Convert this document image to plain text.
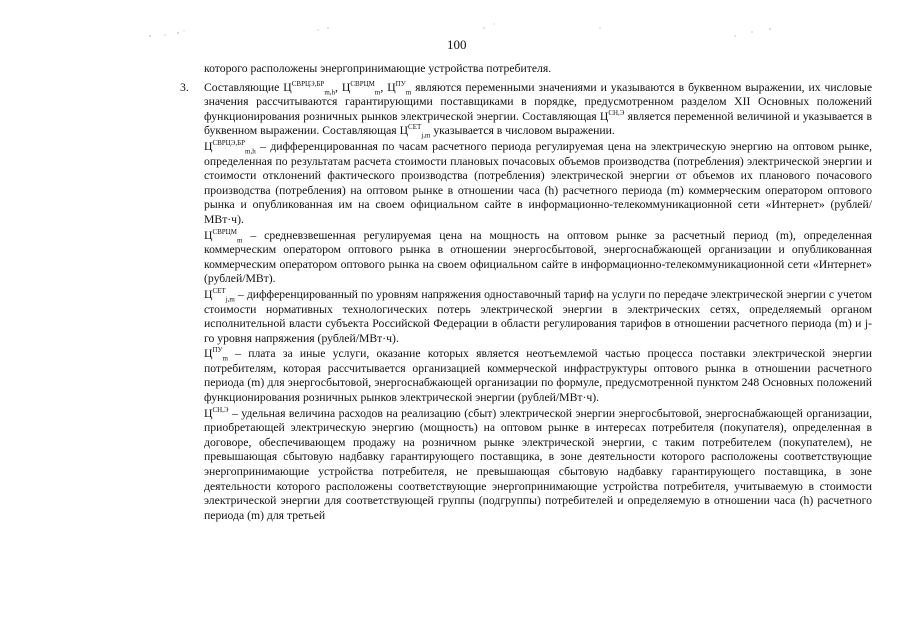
100

которого расположены энергопринимающие устройства потребителя.

3. Составляющие $Ц^{СВРЦЭ,БР}_{m,h}$, $Ц^{СВРЦМ}_m$, $Ц^{ПУ}_m$ являются переменными значениями и указываются в буквенном выражении, их числовые значения рассчитываются гарантирующими поставщиками в порядке, предусмотренном разделом XII Основных положений функционирования розничных рынков электрической энергии. Составляющая $Ц^{СН,Э}$ является переменной величиной и указывается в буквенном выражении. Составляющая $Ц^{СЕТ}_{j,m}$ указывается в числовом выражении.

$Ц^{СВРЦЭ,БР}_{m,h}$ – дифференцированная по часам расчетного периода регулируемая цена на электрическую энергию на оптовом рынке, определенная по результатам расчета стоимости плановых почасовых объемов производства (потребления) электрической энергии и стоимости отклонений фактического производства (потребления) электрической энергии от объемов их планового почасового производства (потребления) на оптовом рынке в отношении часа (h) расчетного периода (m) коммерческим оператором оптового рынка и опубликованная им на своем официальном сайте в информационно-телекоммуникационной сети «Интернет» (рублей/МВт·ч).

$Ц^{СВРЦМ}_m$ – средневзвешенная регулируемая цена на мощность на оптовом рынке за расчетный период (m), определенная коммерческим оператором оптового рынка в отношении энергосбытовой, энергоснабжающей организации и опубликованная коммерческим оператором оптового рынка на своем официальном сайте в информационно-телекоммуникационной сети «Интернет» (рублей/МВт).

$Ц^{СЕТ}_{j,m}$ – дифференцированный по уровням напряжения одноставочный тариф на услуги по передаче электрической энергии с учетом стоимости нормативных технологических потерь электрической энергии в электрических сетях, определяемый органом исполнительной власти субъекта Российской Федерации в области регулирования тарифов в отношении расчетного периода (m) и j-го уровня напряжения (рублей/МВт·ч).

$Ц^{ПУ}_m$ – плата за иные услуги, оказание которых является неотъемлемой частью процесса поставки электрической энергии потребителям, которая рассчитывается организацией коммерческой инфраструктуры оптового рынка в отношении расчетного периода (m) для энергосбытовой, энергоснабжающей организации по формуле, предусмотренной пунктом 248 Основных положений функционирования розничных рынков электрической энергии (рублей/МВт·ч).

$Ц^{СН,Э}$ – удельная величина расходов на реализацию (сбыт) электрической энергии энергосбытовой, энергоснабжающей организации, приобретающей электрическую энергию (мощность) на оптовом рынке в интересах потребителя (покупателя), определенная в договоре, обеспечивающем продажу на розничном рынке электрической энергии, с таким потребителем (покупателем), не превышающая сбытовую надбавку гарантирующего поставщика, в зоне деятельности которого расположены соответствующие энергопринимающие устройства потребителя, не превышающая сбытовую надбавку гарантирующего поставщика, в зоне деятельности которого расположены соответствующие энергопринимающие устройства потребителя, учитываемую в стоимости электрической энергии для соответствующей группы (подгруппы) потребителей и определяемую в отношении часа (h) расчетного периода (m) для третьей
